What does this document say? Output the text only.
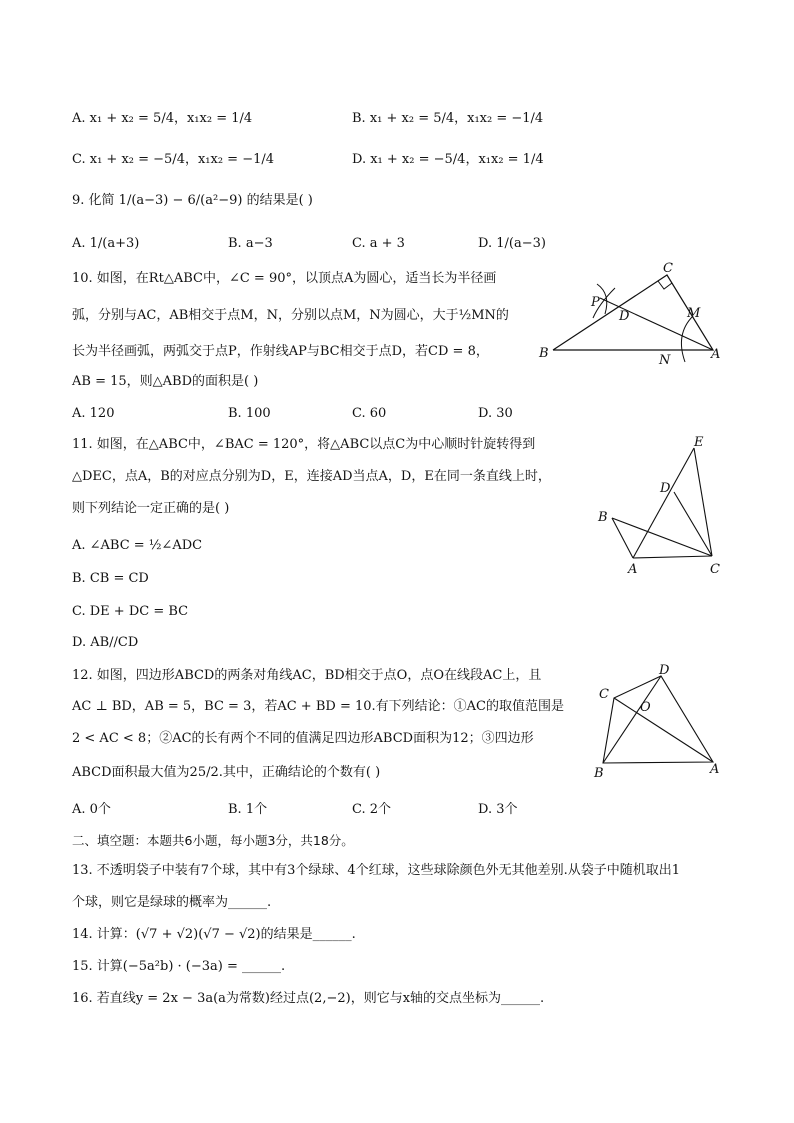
A. x₁ + x₂ = 5/4，x₁x₂ = 1/4	B. x₁ + x₂ = 5/4，x₁x₂ = −1/4
C. x₁ + x₂ = −5/4，x₁x₂ = −1/4	D. x₁ + x₂ = −5/4，x₁x₂ = 1/4
9. 化简 1/(a−3) − 6/(a²−9) 的结果是( )
A. 1/(a+3)	B. a−3	C. a + 3	D. 1/(a−3)
10. 如图，在Rt△ABC中，∠C = 90°，以顶点A为圆心，适当长为半径画
弧，分别与AC，AB相交于点M，N，分别以点M，N为圆心，大于½MN的
长为半径画弧，两弧交于点P，作射线AP与BC相交于点D，若CD = 8，
AB = 15，则△ABD的面积是( )
A. 120	B. 100	C. 60	D. 30
C
P
D	M
B	N	A
11. 如图，在△ABC中，∠BAC = 120°，将△ABC以点C为中心顺时针旋转得到
△DEC，点A，B的对应点分别为D，E，连接AD当点A，D，E在同一条直线上时，
则下列结论一定正确的是( )
A. ∠ABC = ½∠ADC
B. CB = CD
C. DE + DC = BC
D. AB//CD
E
D
B
A	C
12. 如图，四边形ABCD的两条对角线AC，BD相交于点O，点O在线段AC上，且
AC ⊥ BD，AB = 5，BC = 3，若AC + BD = 10.有下列结论：①AC的取值范围是
2 < AC < 8；②AC的长有两个不同的值满足四边形ABCD面积为12；③四边形
ABCD面积最大值为25/2.其中，正确结论的个数有( )
A. 0个	B. 1个	C. 2个	D. 3个
D
C
O
B	A
二、填空题：本题共6小题，每小题3分，共18分。
13. 不透明袋子中装有7个球，其中有3个绿球、4个红球，这些球除颜色外无其他差别.从袋子中随机取出1
个球，则它是绿球的概率为______.
14. 计算：(√7 + √2)(√7 − √2)的结果是______.
15. 计算(−5a²b) · (−3a) = ______.
16. 若直线y = 2x − 3a(a为常数)经过点(2,−2)，则它与x轴的交点坐标为______.
